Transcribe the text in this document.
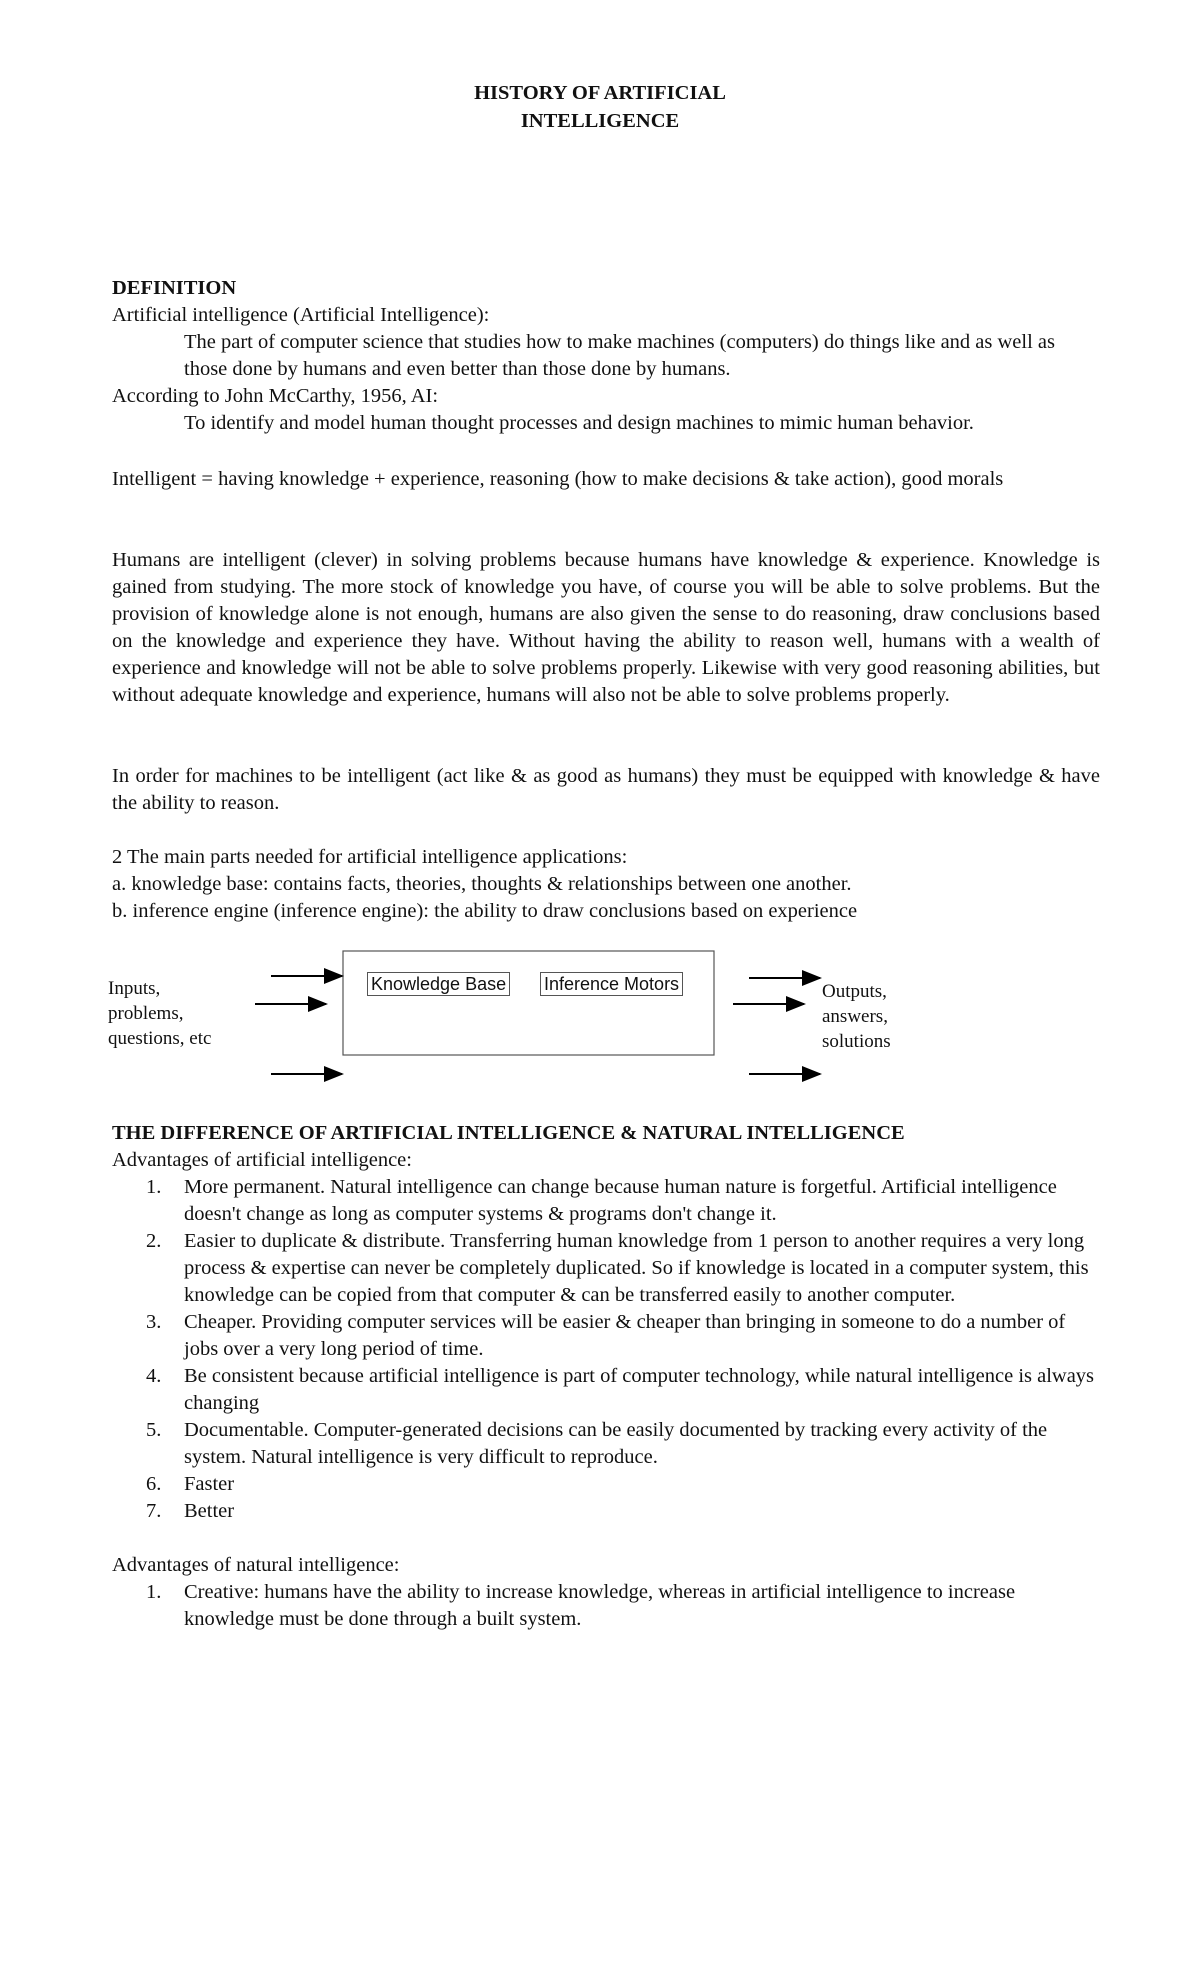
HISTORY OF ARTIFICIAL
INTELLIGENCE

DEFINITION

Artificial intelligence (Artificial Intelligence):

The part of computer science that studies how to make machines (computers) do things like and as well as those done by humans and even better than those done by humans.

According to John McCarthy, 1956, AI:

To identify and model human thought processes and design machines to mimic human behavior.

Intelligent = having knowledge + experience, reasoning (how to make decisions & take action), good morals

Humans are intelligent (clever) in solving problems because humans have knowledge & experience. Knowledge is gained from studying. The more stock of knowledge you have, of course you will be able to solve problems. But the provision of knowledge alone is not enough, humans are also given the sense to do reasoning, draw conclusions based on the knowledge and experience they have. Without having the ability to reason well, humans with a wealth of experience and knowledge will not be able to solve problems properly. Likewise with very good reasoning abilities, but without adequate knowledge and experience, humans will also not be able to solve problems properly.

In order for machines to be intelligent (act like & as good as humans) they must be equipped with knowledge & have the ability to reason.

2 The main parts needed for artificial intelligence applications:

a. knowledge base: contains facts, theories, thoughts & relationships between one another.

b. inference engine (inference engine): the ability to draw conclusions based on experience

Inputs,
problems,
questions, etc
Knowledge Base Inference Motors	Outputs,
answers,
solutions

THE DIFFERENCE OF ARTIFICIAL INTELLIGENCE & NATURAL INTELLIGENCE

Advantages of artificial intelligence:

1.	More permanent. Natural intelligence can change because human nature is forgetful. Artificial intelligence doesn't change as long as computer systems & programs don't change it.
2.	Easier to duplicate & distribute. Transferring human knowledge from 1 person to another requires a very long process & expertise can never be completely duplicated. So if knowledge is located in a computer system, this knowledge can be copied from that computer & can be transferred easily to another computer.
3.	Cheaper. Providing computer services will be easier & cheaper than bringing in someone to do a number of jobs over a very long period of time.
4.	Be consistent because artificial intelligence is part of computer technology, while natural intelligence is always changing
5.	Documentable. Computer-generated decisions can be easily documented by tracking every activity of the system. Natural intelligence is very difficult to reproduce.
6.	Faster
7.	Better

Advantages of natural intelligence:

1.	Creative: humans have the ability to increase knowledge, whereas in artificial intelligence to increase knowledge must be done through a built system.
